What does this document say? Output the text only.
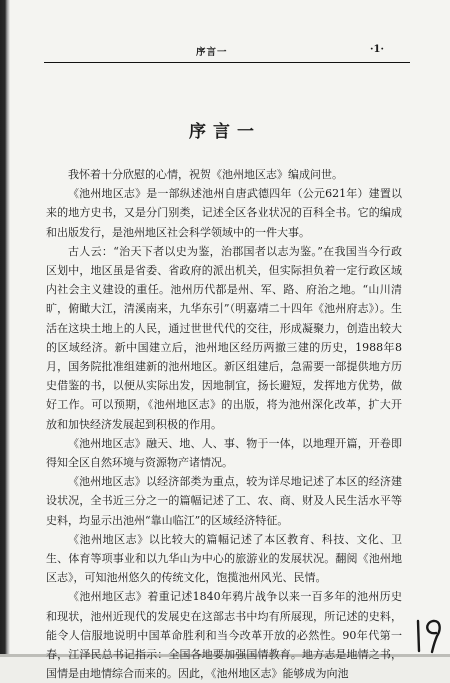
序言一	·1·
序言一

我怀着十分欣慰的心情，祝贺《池州地区志》编成问世。

《池州地区志》是一部纵述池州自唐武德四年（公元621年）建置以来的地方史书，又是分门别类，记述全区各业状况的百科全书。它的编成和出版发行，是池州地区社会科学领域中的一件大事。

古人云：“治天下者以史为鉴，治郡国者以志为鉴。”在我国当今行政区划中，地区虽是省委、省政府的派出机关，但实际担负着一定行政区域内社会主义建设的重任。池州历代都是州、军、路、府治之地。“山川清旷，俯瞰大江，清溪南来，九华东引”（明嘉靖二十四年《池州府志》）。生活在这块土地上的人民，通过世世代代的交往，形成凝聚力，创造出较大的区域经济。新中国建立后，池州地区经历两撤三建的历史，1988年8月，国务院批准组建新的池州地区。新区组建后，急需要一部提供地方历史借鉴的书，以便从实际出发，因地制宜，扬长避短，发挥地方优势，做好工作。可以预期，《池州地区志》的出版，将为池州深化改革，扩大开放和加快经济发展起到积极的作用。

《池州地区志》融天、地、人、事、物于一体，以地理开篇，开卷即得知全区自然环境与资源物产诸情况。

《池州地区志》以经济部类为重点，较为详尽地记述了本区的经济建设状况，全书近三分之一的篇幅记述了工、农、商、财及人民生活水平等史料，均显示出池州“靠山临江”的区域经济特征。

《池州地区志》以比较大的篇幅记述了本区教育、科技、文化、卫生、体育等项事业和以九华山为中心的旅游业的发展状况。翻阅《池州地区志》，可知池州悠久的传统文化，饱揽池州风光、民情。

《池州地区志》着重记述1840年鸦片战争以来一百多年的池州历史和现状，池州近现代的发展史在这部志书中均有所展现，所记述的史料，能令人信服地说明中国革命胜利和当今改革开放的必然性。90年代第一春，江泽民总书记指示：全国各地要加强国情教育。地方志是地情之书，国情是由地情综合而来的。因此，《池州地区志》能够成为向池
